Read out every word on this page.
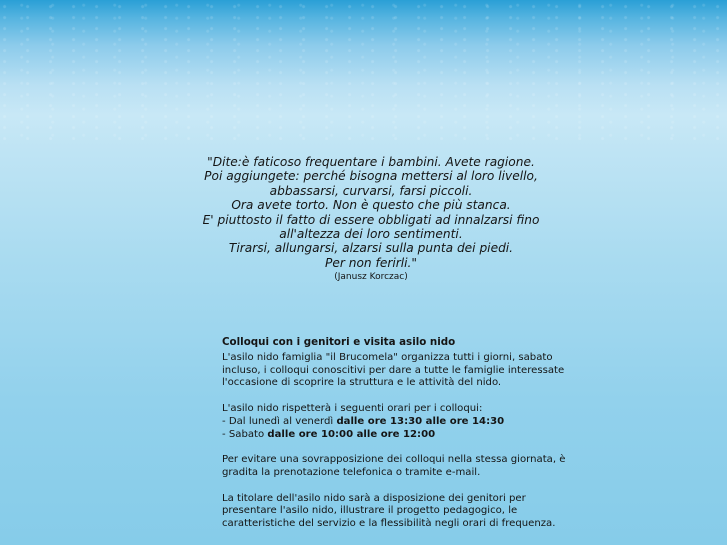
"Dite:è faticoso frequentare i bambini. Avete ragione.
Poi aggiungete: perché bisogna mettersi al loro livello,
abbassarsi, curvarsi, farsi piccoli.
Ora avete torto. Non è questo che più stanca.
E' piuttosto il fatto di essere obbligati ad innalzarsi fino
all'altezza dei loro sentimenti.
Tirarsi, allungarsi, alzarsi sulla punta dei piedi.
Per non ferirli."
(Janusz Korczac)
Colloqui con i genitori e visita asilo nido

L'asilo nido famiglia "il Brucomela" organizza tutti i giorni, sabato
incluso, i colloqui conoscitivi per dare a tutte le famiglie interessate
l'occasione di scoprire la struttura e le attività del nido.

L'asilo nido rispetterà i seguenti orari per i colloqui:
- Dal lunedì al venerdì dalle ore 13:30 alle ore 14:30
- Sabato dalle ore 10:00 alle ore 12:00

Per evitare una sovrapposizione dei colloqui nella stessa giornata, è
gradita la prenotazione telefonica o tramite e-mail.

La titolare dell'asilo nido sarà a disposizione dei genitori per
presentare l'asilo nido, illustrare il progetto pedagogico, le
caratteristiche del servizio e la flessibilità negli orari di frequenza.
